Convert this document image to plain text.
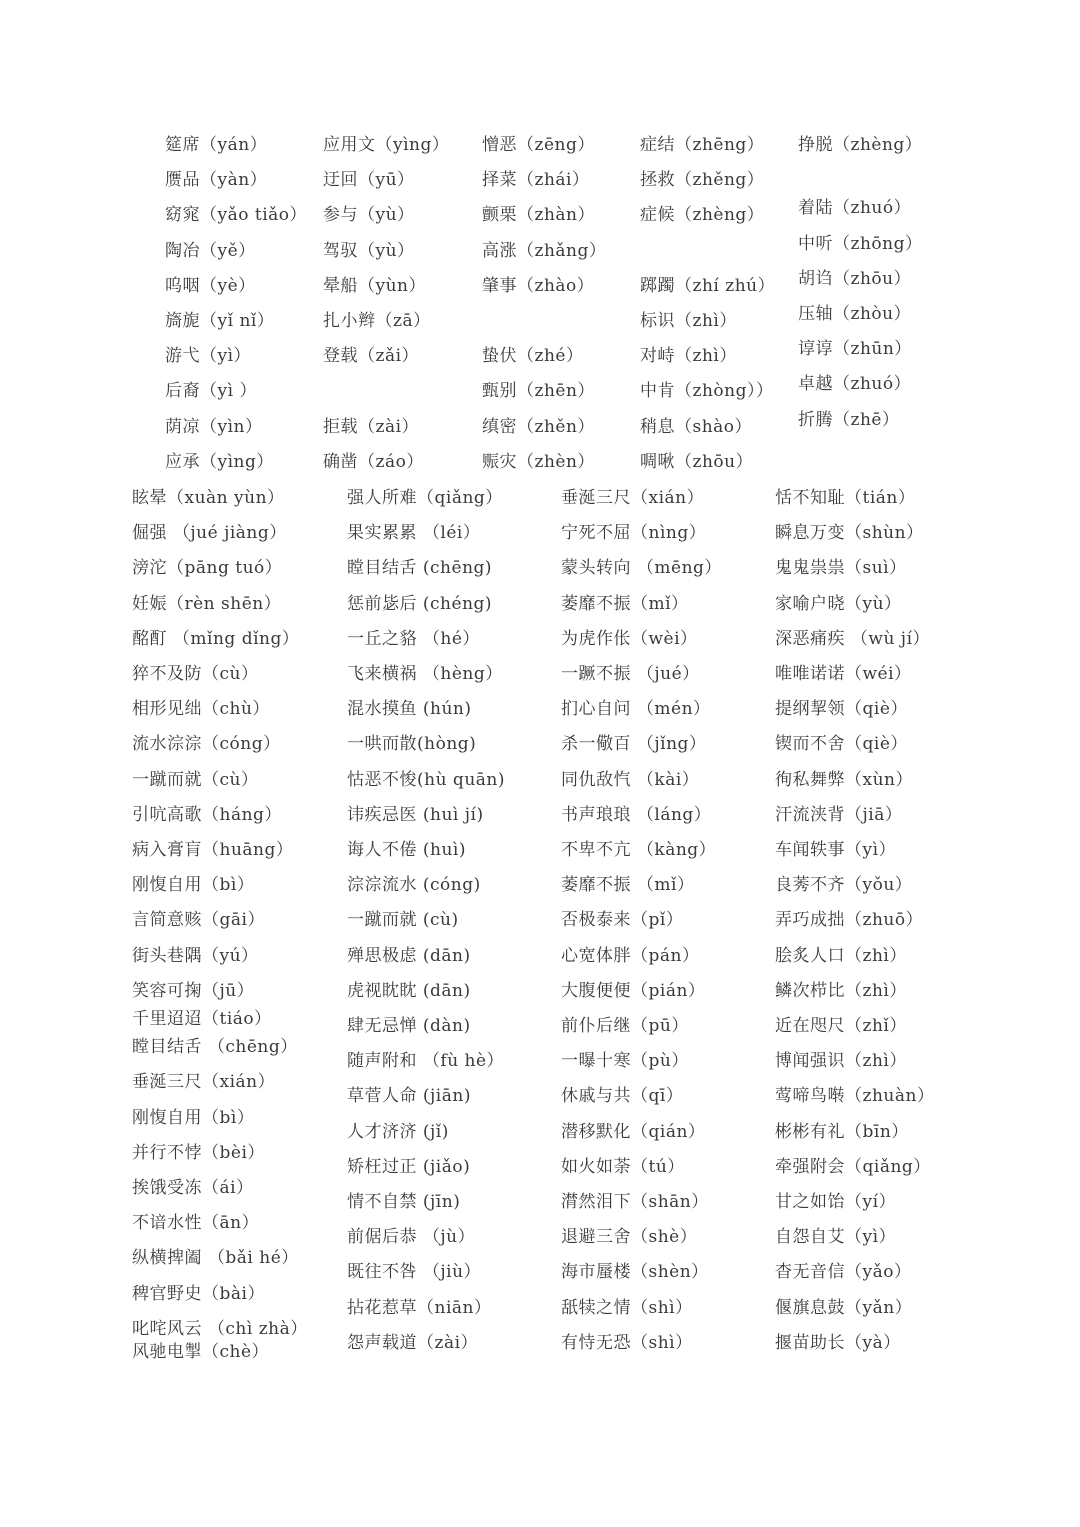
筵席（yán）
赝品（yàn）
窈窕（yǎo tiǎo）
陶冶（yě）
呜咽（yè）
旖旎（yǐ nǐ）
游弋（yì）
后裔（yì ）
荫凉（yìn）
应承（yìng）
应用文（yìng）
迂回（yū）
参与（yù）
驾驭（yù）
晕船（yùn）
扎小辫（zā）
登载（zǎi）
拒载（zài）
确凿（záo）
憎恶（zēng）
择菜（zhái）
颤栗（zhàn）
高涨（zhǎng）
肇事（zhào）
蛰伏（zhé）
甄别（zhēn）
缜密（zhěn）
赈灾（zhèn）
症结（zhēng）
拯救（zhěng）
症候（zhèng）
踯躅（zhí zhú）
标识（zhì）
对峙（zhì）
中肯（zhòng））
稍息（shào）
啁啾（zhōu）
挣脱（zhèng）
着陆（zhuó）
中听（zhōng）
胡诌（zhōu）
压轴（zhòu）
谆谆（zhūn）
卓越（zhuó）
折腾（zhē）
眩晕（xuàn yùn）
倔强 （jué jiàng）
滂沱（pāng tuó）
妊娠（rèn shēn）
酩酊 （mǐng dǐng）
猝不及防（cù）
相形见绌（chù）
流水淙淙（cóng）
一蹴而就（cù）
引吭高歌（háng）
病入膏肓（huāng）
刚愎自用（bì）
言简意赅（gāi）
街头巷隅（yú）
笑容可掬（jū）
千里迢迢（tiáo）
瞠目结舌 （chēng）
垂涎三尺（xián）
刚愎自用（bì）
并行不悖（bèi）
挨饿受冻（ái）
不谙水性（ān）
纵横捭阖 （bǎi hé）
稗官野史（bài）
叱咤风云 （chì zhà）
风驰电掣（chè）
强人所难（qiǎng）
果实累累 （léi）
瞠目结舌 (chēng)
惩前毖后 (chéng)
一丘之貉 （hé）
飞来横祸 （hèng）
混水摸鱼 (hún)
一哄而散(hòng)
怙恶不悛(hù quān)
讳疾忌医 (huì jí)
诲人不倦 (huì)
淙淙流水 (cóng)
一蹴而就 (cù)
殚思极虑 (dān)
虎视眈眈 (dān)
肆无忌惮 (dàn)
随声附和 （fù hè）
草菅人命 (jiān)
人才济济 (jǐ)
矫枉过正 (jiǎo)
情不自禁 (jīn)
前倨后恭 （jù）
既往不咎 （jiù）
拈花惹草（niān）
怨声载道（zài）
垂涎三尺（xián）
宁死不屈（nìng）
蒙头转向 （mēng）
萎靡不振（mǐ）
为虎作伥（wèi）
一蹶不振 （jué）
扪心自问 （mén）
杀一儆百 （jǐng）
同仇敌忾 （kài）
书声琅琅 （láng）
不卑不亢 （kàng）
萎靡不振 （mǐ）
否极泰来（pǐ）
心宽体胖（pán）
大腹便便（pián）
前仆后继（pū）
一曝十寒（pù）
休戚与共（qī）
潜移默化（qián）
如火如荼（tú）
潸然泪下（shān）
退避三舍（shè）
海市蜃楼（shèn）
舐犊之情（shì）
有恃无恐（shì）
恬不知耻（tián）
瞬息万变（shùn）
鬼鬼祟祟（suì）
家喻户晓（yù）
深恶痛疾 （wù jí）
唯唯诺诺（wéi）
提纲挈领（qiè）
锲而不舍（qiè）
徇私舞弊（xùn）
汗流浃背（jiā）
车闻轶事（yì）
良莠不齐（yǒu）
弄巧成拙（zhuō）
脍炙人口（zhì）
鳞次栉比（zhì）
近在咫尺（zhǐ）
博闻强识（zhì）
莺啼鸟啭（zhuàn）
彬彬有礼（bīn）
牵强附会（qiǎng）
甘之如饴（yí）
自怨自艾（yì）
杳无音信（yǎo）
偃旗息鼓（yǎn）
揠苗助长（yà）
